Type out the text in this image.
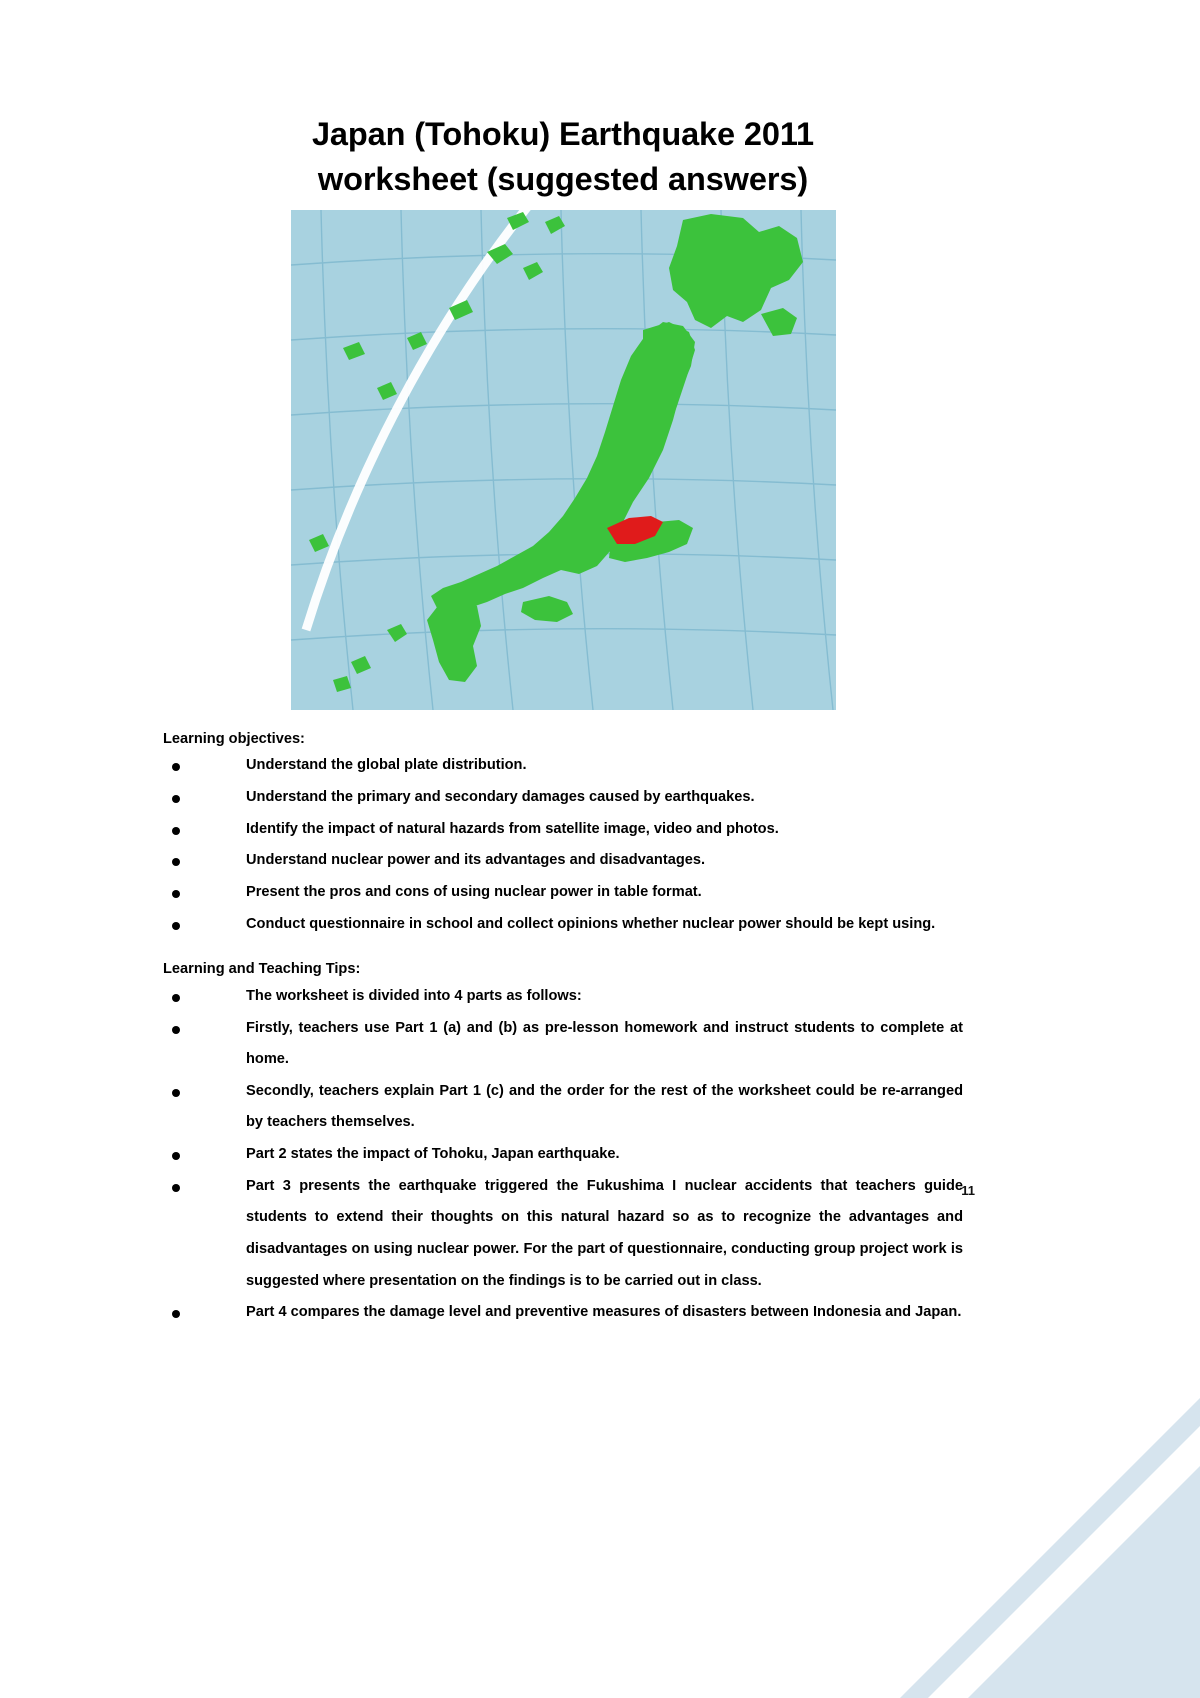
Japan (Tohoku) Earthquake 2011
worksheet (suggested answers)

Learning objectives:

Understand the global plate distribution.
Understand the primary and secondary damages caused by earthquakes.
Identify the impact of natural hazards from satellite image, video and photos.
Understand nuclear power and its advantages and disadvantages.
Present the pros and cons of using nuclear power in table format.
Conduct questionnaire in school and collect opinions whether nuclear power should be kept using.

Learning and Teaching Tips:

The worksheet is divided into 4 parts as follows:
Firstly, teachers use Part 1 (a) and (b) as pre-lesson homework and instruct students to complete at home.
Secondly, teachers explain Part 1 (c) and the order for the rest of the worksheet could be re-arranged by teachers themselves.
Part 2 states the impact of Tohoku, Japan earthquake.
11
Part 3 presents the earthquake triggered the Fukushima I nuclear accidents that teachers guide students to extend their thoughts on this natural hazard so as to recognize the advantages and disadvantages on using nuclear power. For the part of questionnaire, conducting group project work is suggested where presentation on the findings is to be carried out in class.
Part 4 compares the damage level and preventive measures of disasters between Indonesia and Japan.
